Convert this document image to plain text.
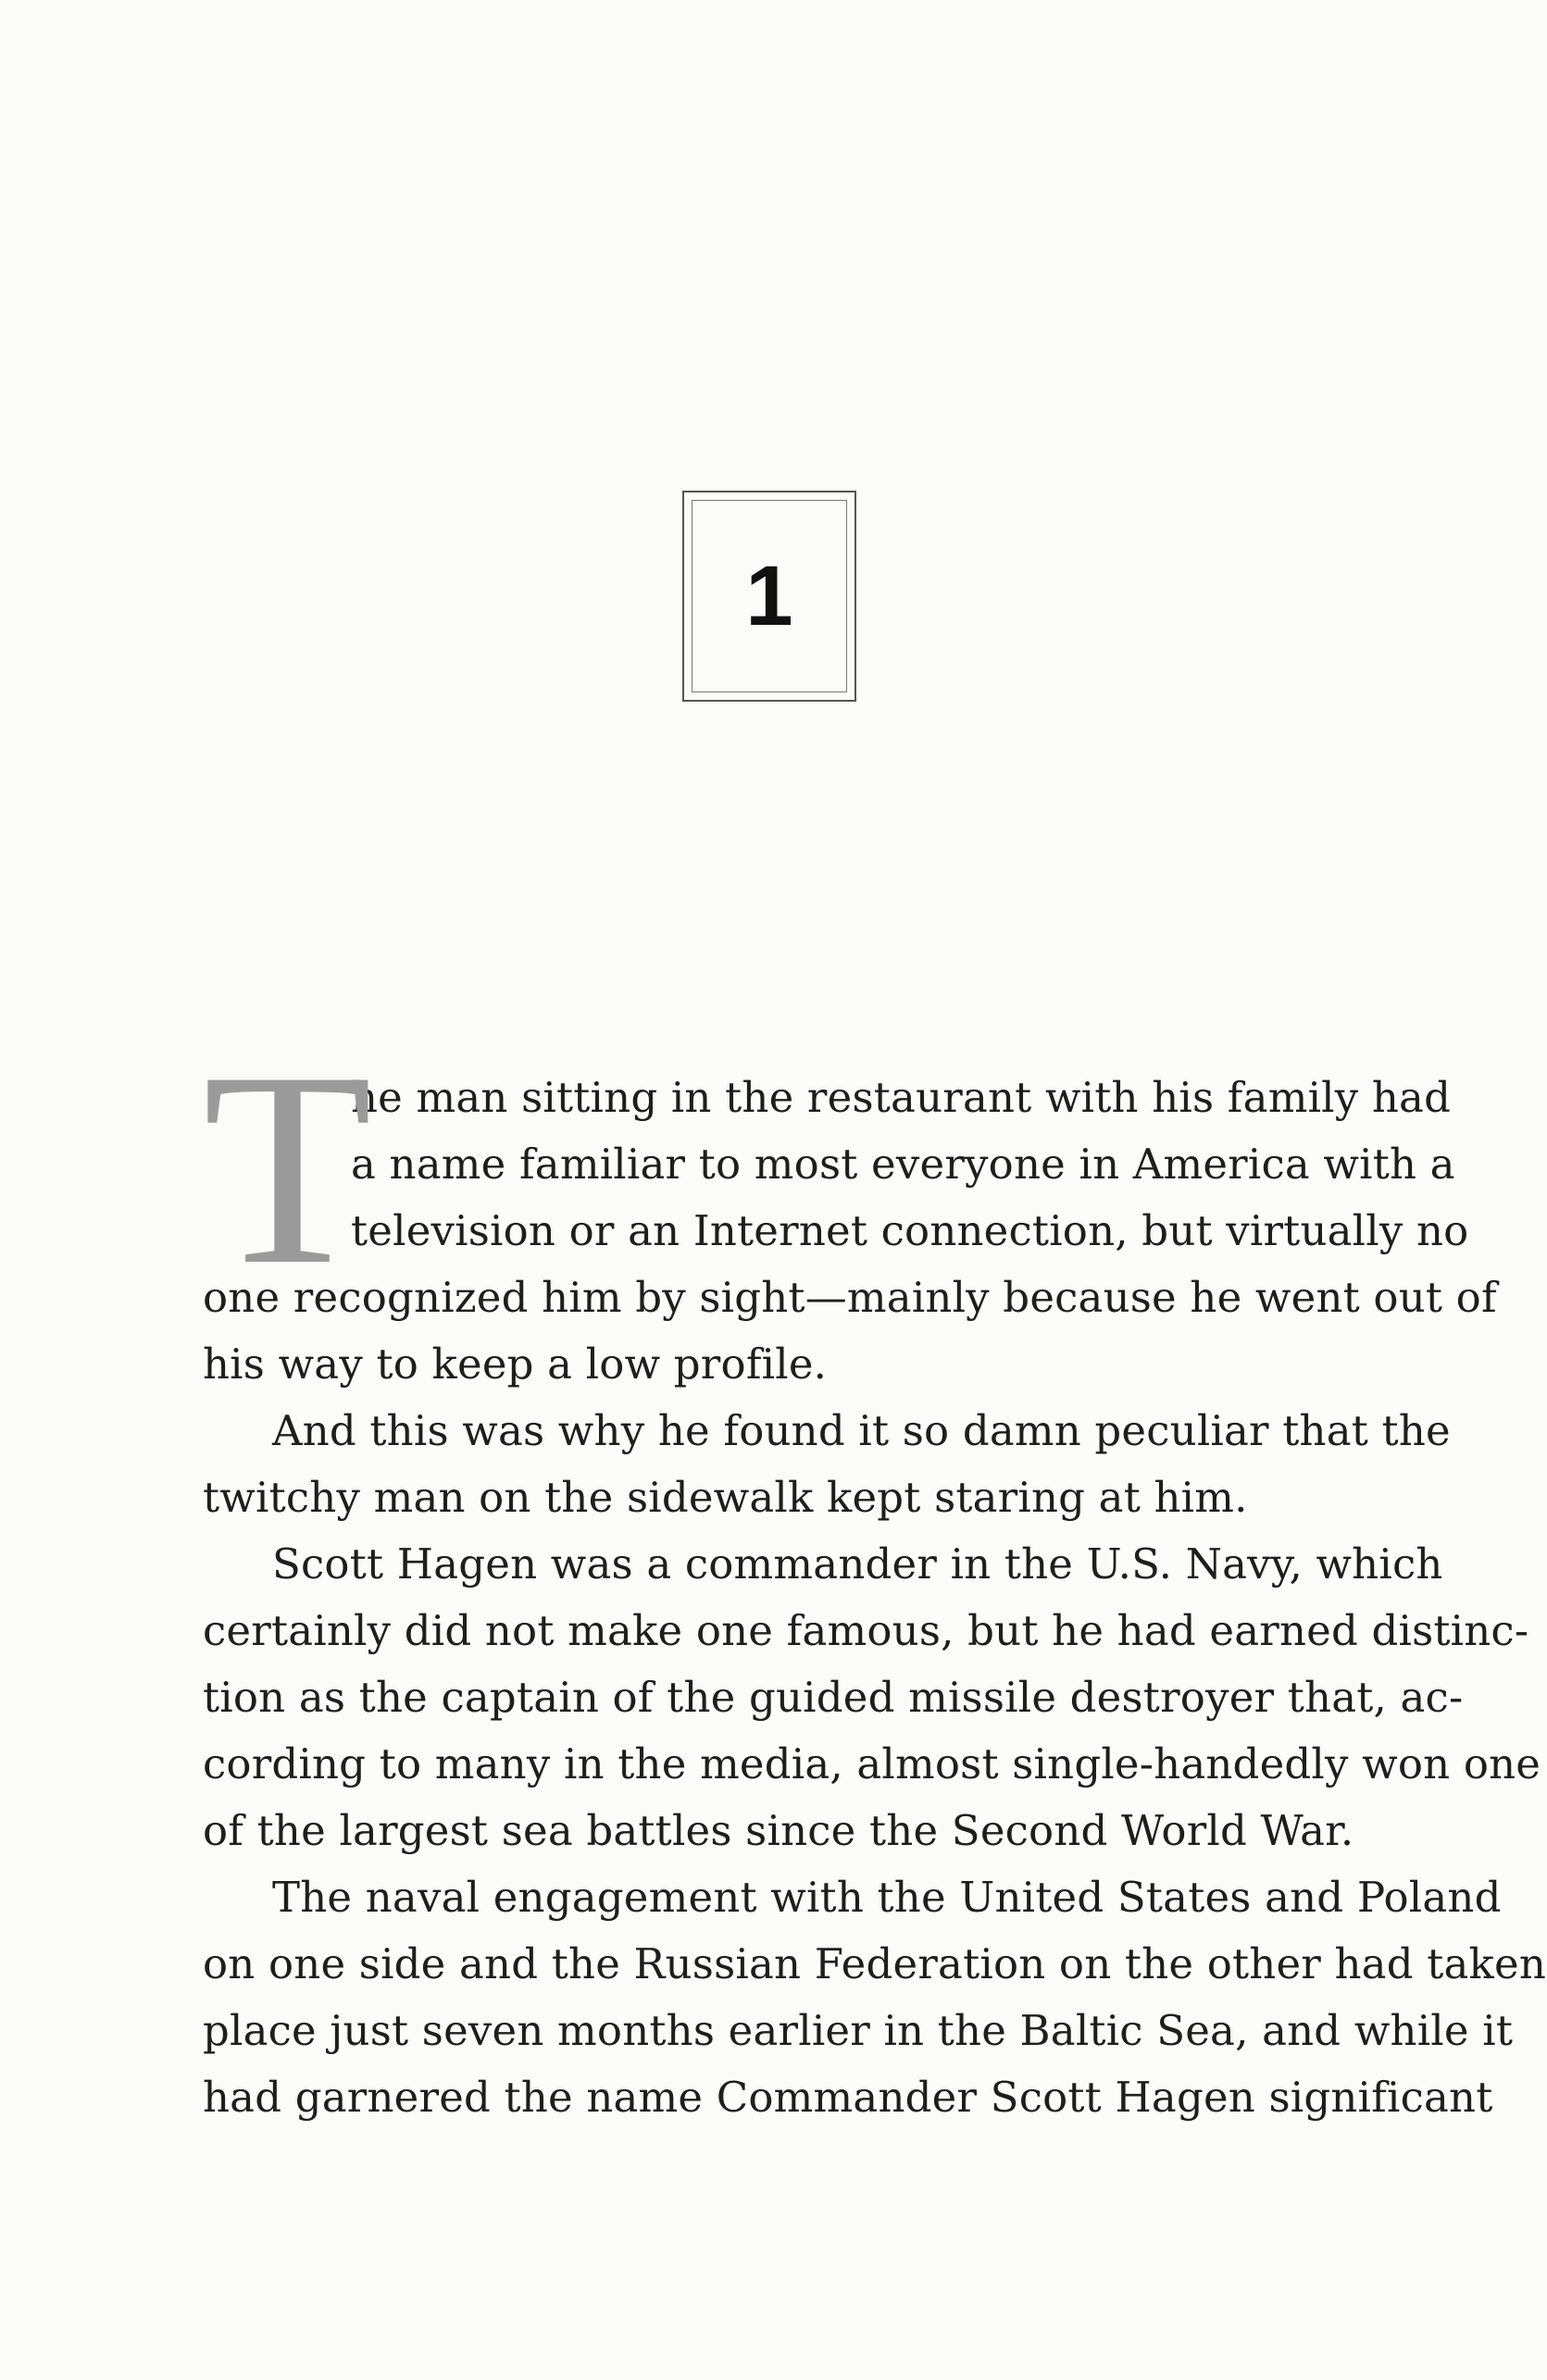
1
T
he man sitting in the restaurant with his family had
a name familiar to most everyone in America with a
television or an Internet connection, but virtually no
one recognized him by sight—mainly because he went out of
his way to keep a low profile.
And this was why he found it so damn peculiar that the
twitchy man on the sidewalk kept staring at him.
Scott Hagen was a commander in the U.S. Navy, which
certainly did not make one famous, but he had earned distinc-
tion as the captain of the guided missile destroyer that, ac-
cording to many in the media, almost single-handedly won one
of the largest sea battles since the Second World War.
The naval engagement with the United States and Poland
on one side and the Russian Federation on the other had taken
place just seven months earlier in the Baltic Sea, and while it
had garnered the name Commander Scott Hagen significant
